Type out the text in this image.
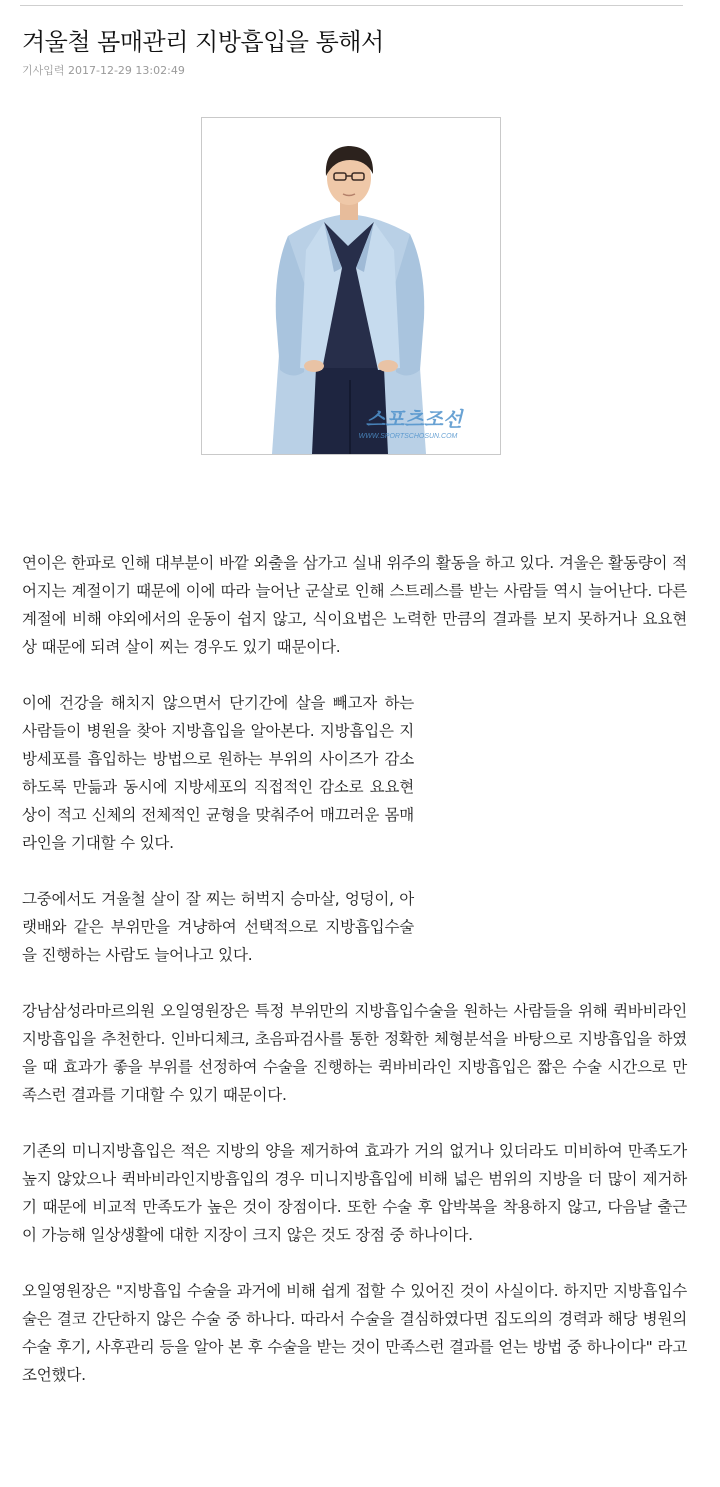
겨울철 몸매관리 지방흡입을 통해서
기사입력 2017-12-29 13:02:49
스포츠조선
WWW.SPORTSCHOSUN.COM

연이은 한파로 인해 대부분이 바깥 외출을 삼가고 실내 위주의 활동을 하고 있다. 겨울은 활동량이 적어지는 계절이기 때문에 이에 따라 늘어난 군살로 인해 스트레스를 받는 사람들 역시 늘어난다. 다른 계절에 비해 야외에서의 운동이 쉽지 않고, 식이요법은 노력한 만큼의 결과를 보지 못하거나 요요현상 때문에 되려 살이 찌는 경우도 있기 때문이다.

이에 건강을 해치지 않으면서 단기간에 살을 빼고자 하는 사람들이 병원을 찾아 지방흡입을 알아본다. 지방흡입은 지방세포를 흡입하는 방법으로 원하는 부위의 사이즈가 감소하도록 만듦과 동시에 지방세포의 직접적인 감소로 요요현상이 적고 신체의 전체적인 균형을 맞춰주어 매끄러운 몸매라인을 기대할 수 있다.

그중에서도 겨울철 살이 잘 찌는 허벅지 승마살, 엉덩이, 아랫배와 같은 부위만을 겨냥하여 선택적으로 지방흡입수술을 진행하는 사람도 늘어나고 있다.

강남삼성라마르의원 오일영원장은 특정 부위만의 지방흡입수술을 원하는 사람들을 위해 퀵바비라인지방흡입을 추천한다. 인바디체크, 초음파검사를 통한 정확한 체형분석을 바탕으로 지방흡입을 하였을 때 효과가 좋을 부위를 선정하여 수술을 진행하는 퀵바비라인 지방흡입은 짧은 수술 시간으로 만족스런 결과를 기대할 수 있기 때문이다.

기존의 미니지방흡입은 적은 지방의 양을 제거하여 효과가 거의 없거나 있더라도 미비하여 만족도가 높지 않았으나 퀵바비라인지방흡입의 경우 미니지방흡입에 비해 넓은 범위의 지방을 더 많이 제거하기 때문에 비교적 만족도가 높은 것이 장점이다. 또한 수술 후 압박복을 착용하지 않고, 다음날 출근이 가능해 일상생활에 대한 지장이 크지 않은 것도 장점 중 하나이다.

오일영원장은 "지방흡입 수술을 과거에 비해 쉽게 접할 수 있어진 것이 사실이다. 하지만 지방흡입수술은 결코 간단하지 않은 수술 중 하나다. 따라서 수술을 결심하였다면 집도의의 경력과 해당 병원의 수술 후기, 사후관리 등을 알아 본 후 수술을 받는 것이 만족스런 결과를 얻는 방법 중 하나이다" 라고 조언했다.
